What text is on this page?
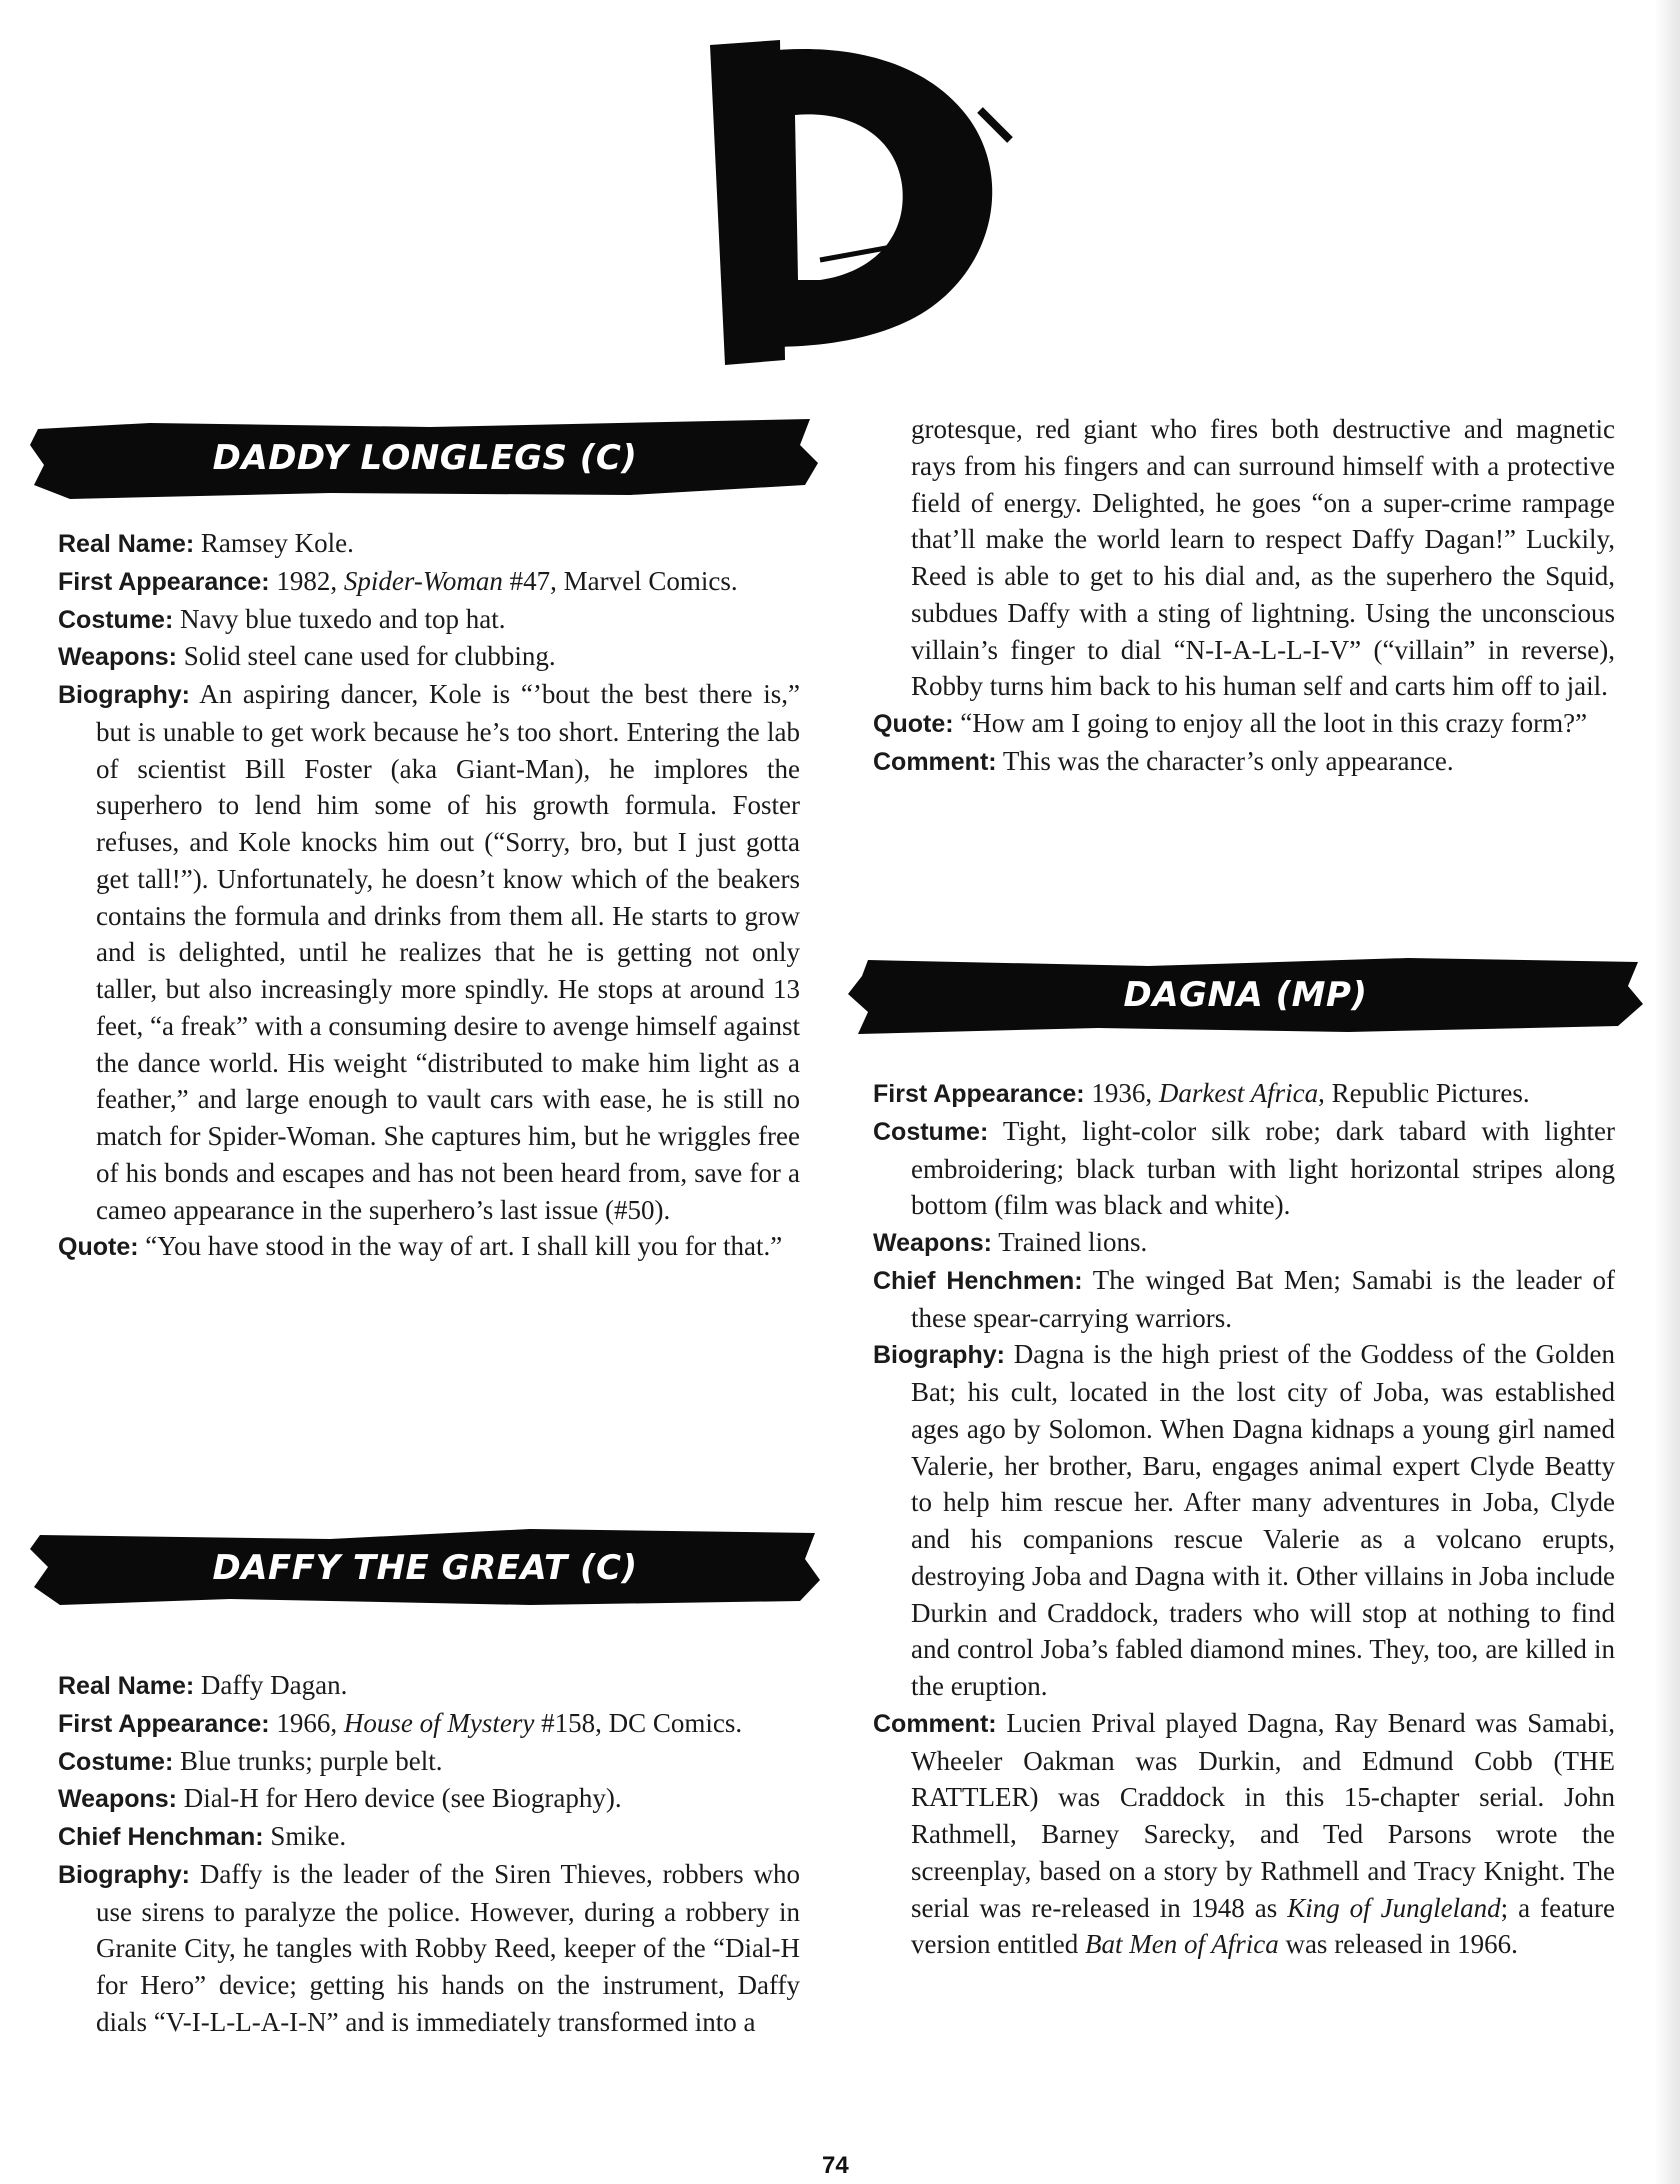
DADDY LONGLEGS (C)

Real Name: Ramsey Kole.

First Appearance: 1982, Spider-Woman #47, Marvel Comics.

Costume: Navy blue tuxedo and top hat.

Weapons: Solid steel cane used for clubbing.

Biography: An aspiring dancer, Kole is “’bout the best there is,” but is unable to get work because he’s too short. Entering the lab of scientist Bill Foster (aka Giant-Man), he implores the superhero to lend him some of his growth formula. Foster refuses, and Kole knocks him out (“Sorry, bro, but I just gotta get tall!”). Unfortunately, he doesn’t know which of the beakers contains the formula and drinks from them all. He starts to grow and is delighted, until he realizes that he is getting not only taller, but also increasingly more spindly. He stops at around 13 feet, “a freak” with a consuming desire to avenge himself against the dance world. His weight “distributed to make him light as a feather,” and large enough to vault cars with ease, he is still no match for Spider-Woman. She captures him, but he wriggles free of his bonds and escapes and has not been heard from, save for a cameo appearance in the superhero’s last issue (#50).

Quote: “You have stood in the way of art. I shall kill you for that.”

DAFFY THE GREAT (C)

Real Name: Daffy Dagan.

First Appearance: 1966, House of Mystery #158, DC Comics.

Costume: Blue trunks; purple belt.

Weapons: Dial-H for Hero device (see Biography).

Chief Henchman: Smike.

Biography: Daffy is the leader of the Siren Thieves, robbers who use sirens to paralyze the police. However, during a robbery in Granite City, he tangles with Robby Reed, keeper of the “Dial-H for Hero” device; getting his hands on the instrument, Daffy dials “V-I-L-L-A-I-N” and is immediately transformed into a

grotesque, red giant who fires both destructive and magnetic rays from his fingers and can surround himself with a protective field of energy. Delighted, he goes “on a super-crime rampage that’ll make the world learn to respect Daffy Dagan!” Luckily, Reed is able to get to his dial and, as the superhero the Squid, subdues Daffy with a sting of lightning. Using the unconscious villain’s finger to dial “N-I-A-L-L-I-V” (“villain” in reverse), Robby turns him back to his human self and carts him off to jail.

Quote: “How am I going to enjoy all the loot in this crazy form?”

Comment: This was the character’s only appearance.

DAGNA (MP)

First Appearance: 1936, Darkest Africa, Republic Pictures.

Costume: Tight, light-color silk robe; dark tabard with lighter embroidering; black turban with light horizontal stripes along bottom (film was black and white).

Weapons: Trained lions.

Chief Henchmen: The winged Bat Men; Samabi is the leader of these spear-carrying warriors.

Biography: Dagna is the high priest of the Goddess of the Golden Bat; his cult, located in the lost city of Joba, was established ages ago by Solomon. When Dagna kidnaps a young girl named Valerie, her brother, Baru, engages animal expert Clyde Beatty to help him rescue her. After many adventures in Joba, Clyde and his companions rescue Valerie as a volcano erupts, destroying Joba and Dagna with it. Other villains in Joba include Durkin and Craddock, traders who will stop at nothing to find and control Joba’s fabled diamond mines. They, too, are killed in the eruption.

Comment: Lucien Prival played Dagna, Ray Benard was Samabi, Wheeler Oakman was Durkin, and Edmund Cobb (THE RATTLER) was Craddock in this 15-chapter serial. John Rathmell, Barney Sarecky, and Ted Parsons wrote the screenplay, based on a story by Rathmell and Tracy Knight. The serial was re-released in 1948 as King of Jungleland; a feature version entitled Bat Men of Africa was released in 1966.

74
